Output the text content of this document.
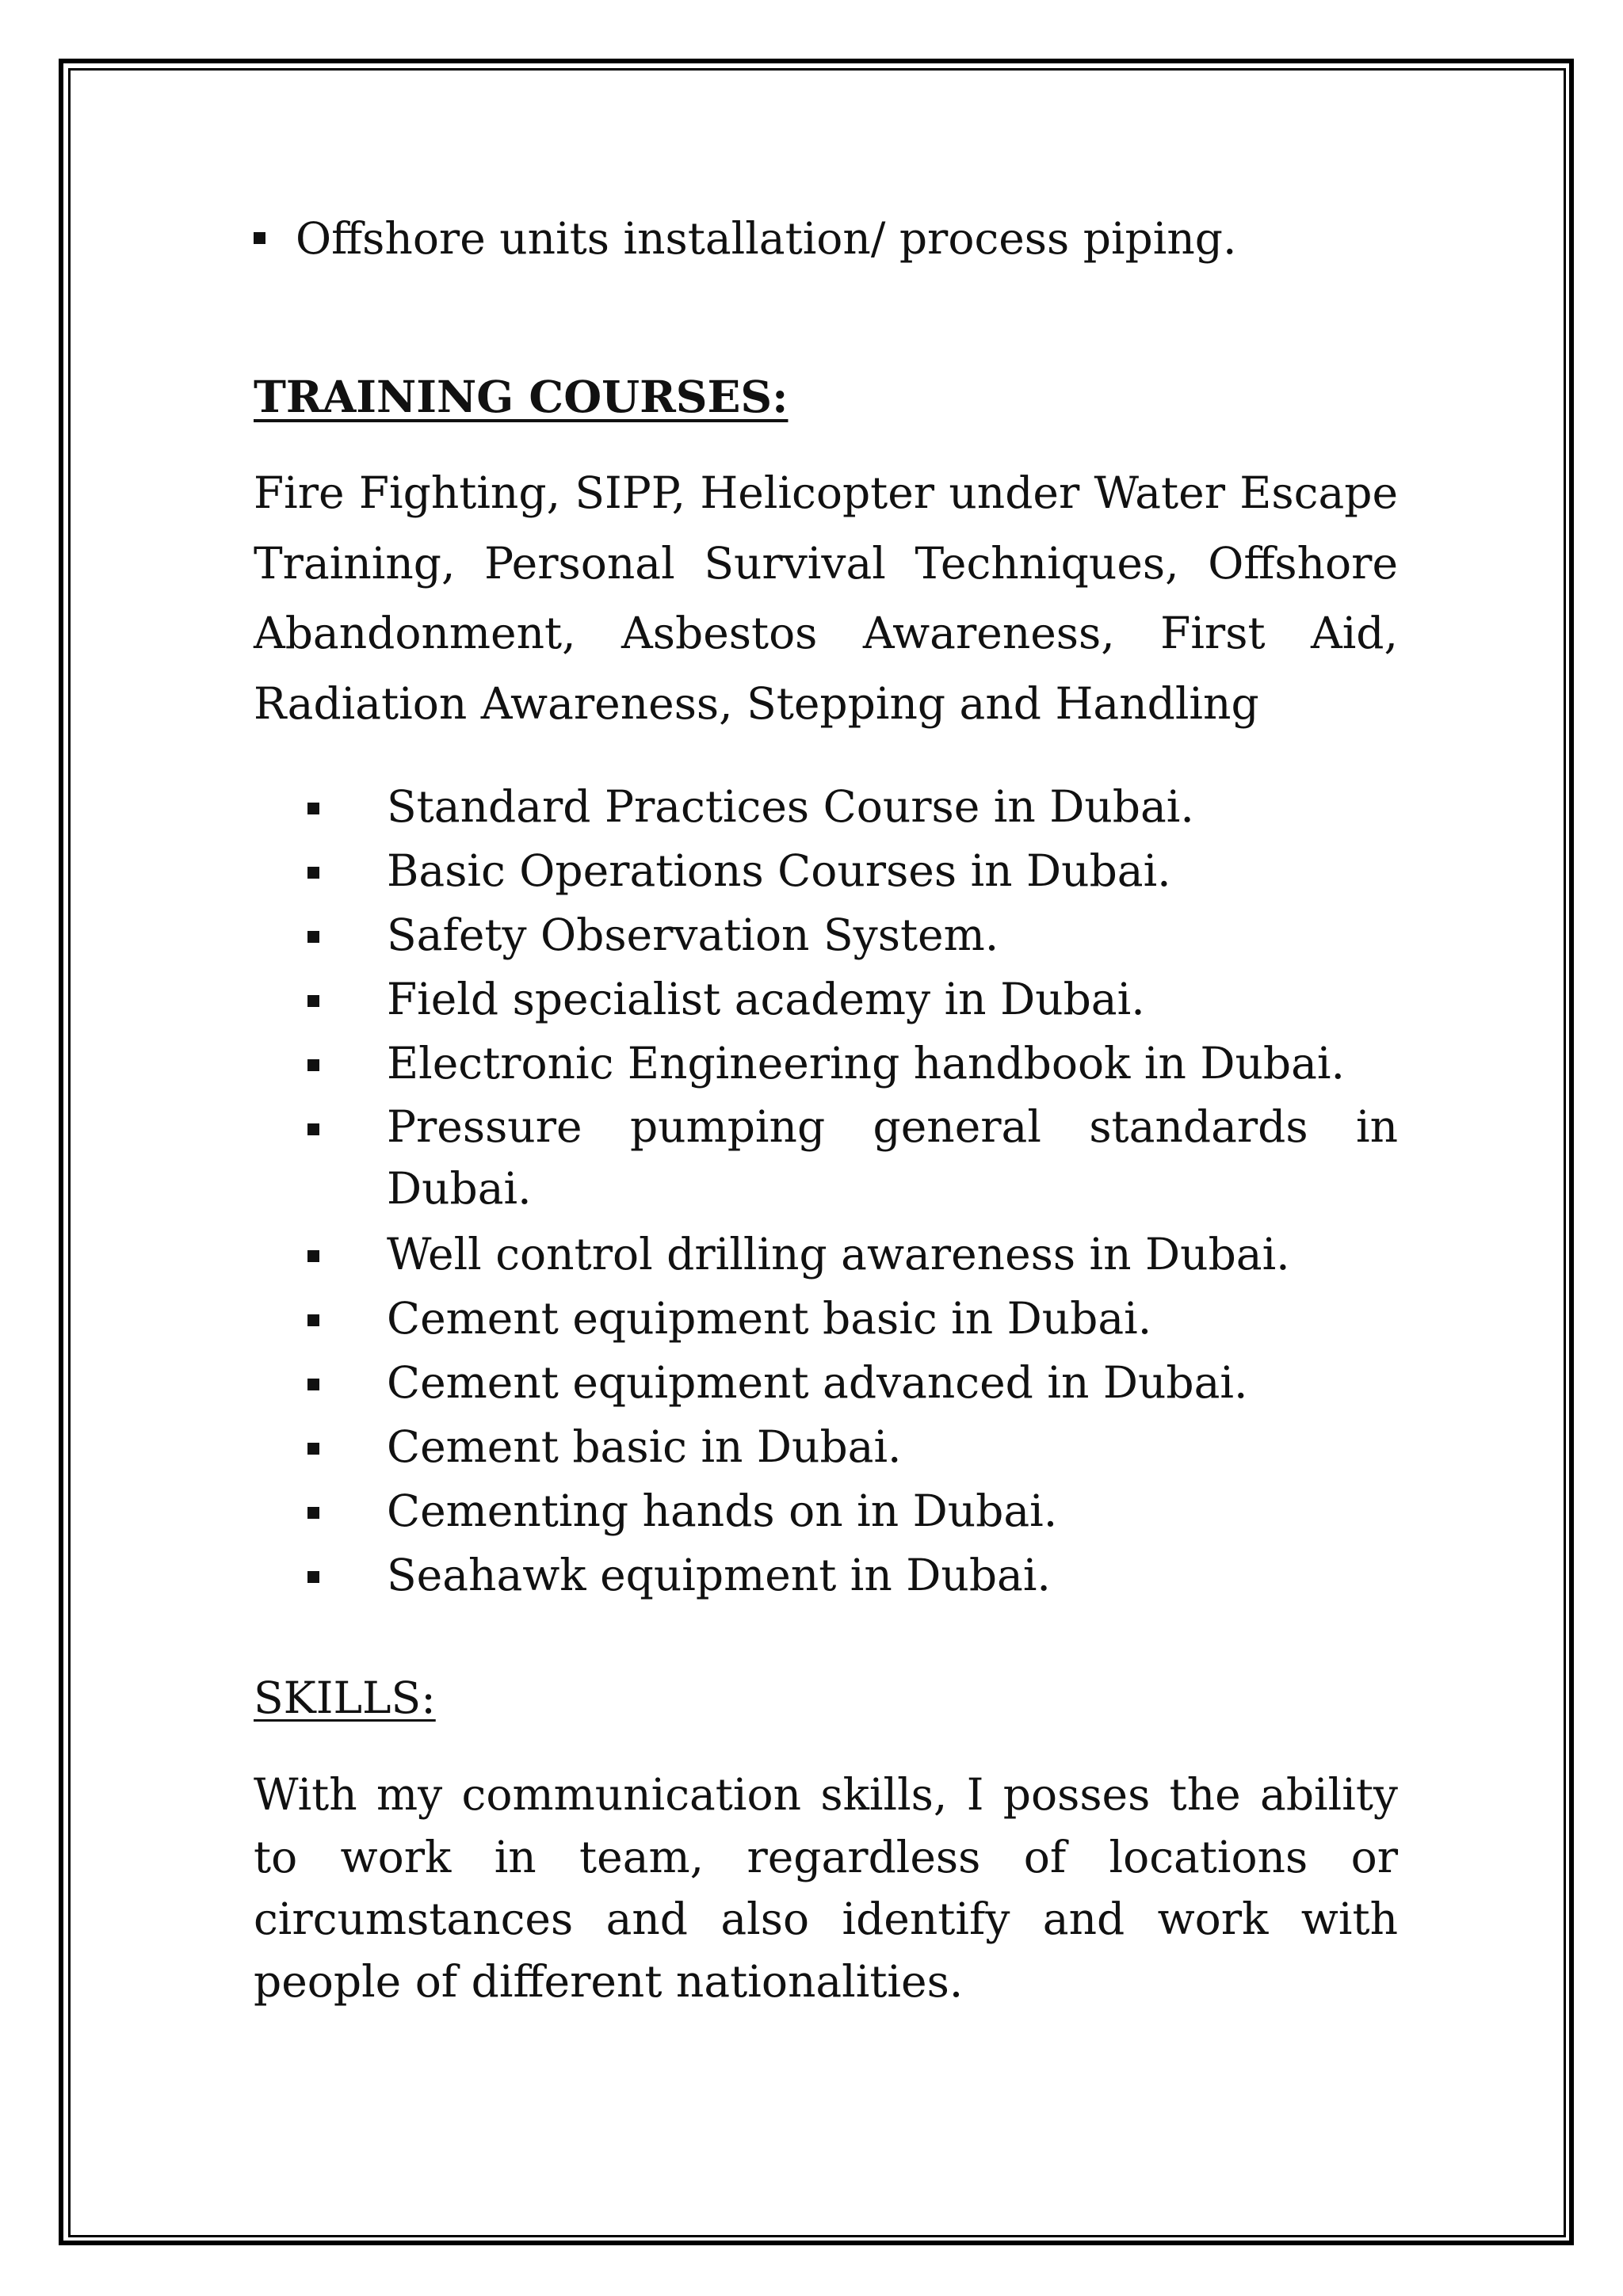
Offshore units installation/ process piping.
TRAINING COURSES:

Fire Fighting, SIPP, Helicopter under Water Escape Training, Personal Survival Techniques, Offshore Abandonment, Asbestos Awareness, First Aid, Radiation Awareness, Stepping and Handling

Standard Practices Course in Dubai.
Basic Operations Courses in Dubai.
Safety Observation System.
Field specialist academy in Dubai.
Electronic Engineering handbook in Dubai.
Pressure pumping general standards in Dubai.
Well control drilling awareness in Dubai.
Cement equipment basic in Dubai.
Cement equipment advanced in Dubai.
Cement basic in Dubai.
Cementing hands on in Dubai.
Seahawk equipment in Dubai.
SKILLS:

With my communication skills, I posses the ability to work in team, regardless of locations or circumstances and also identify and work with people of different nationalities.
